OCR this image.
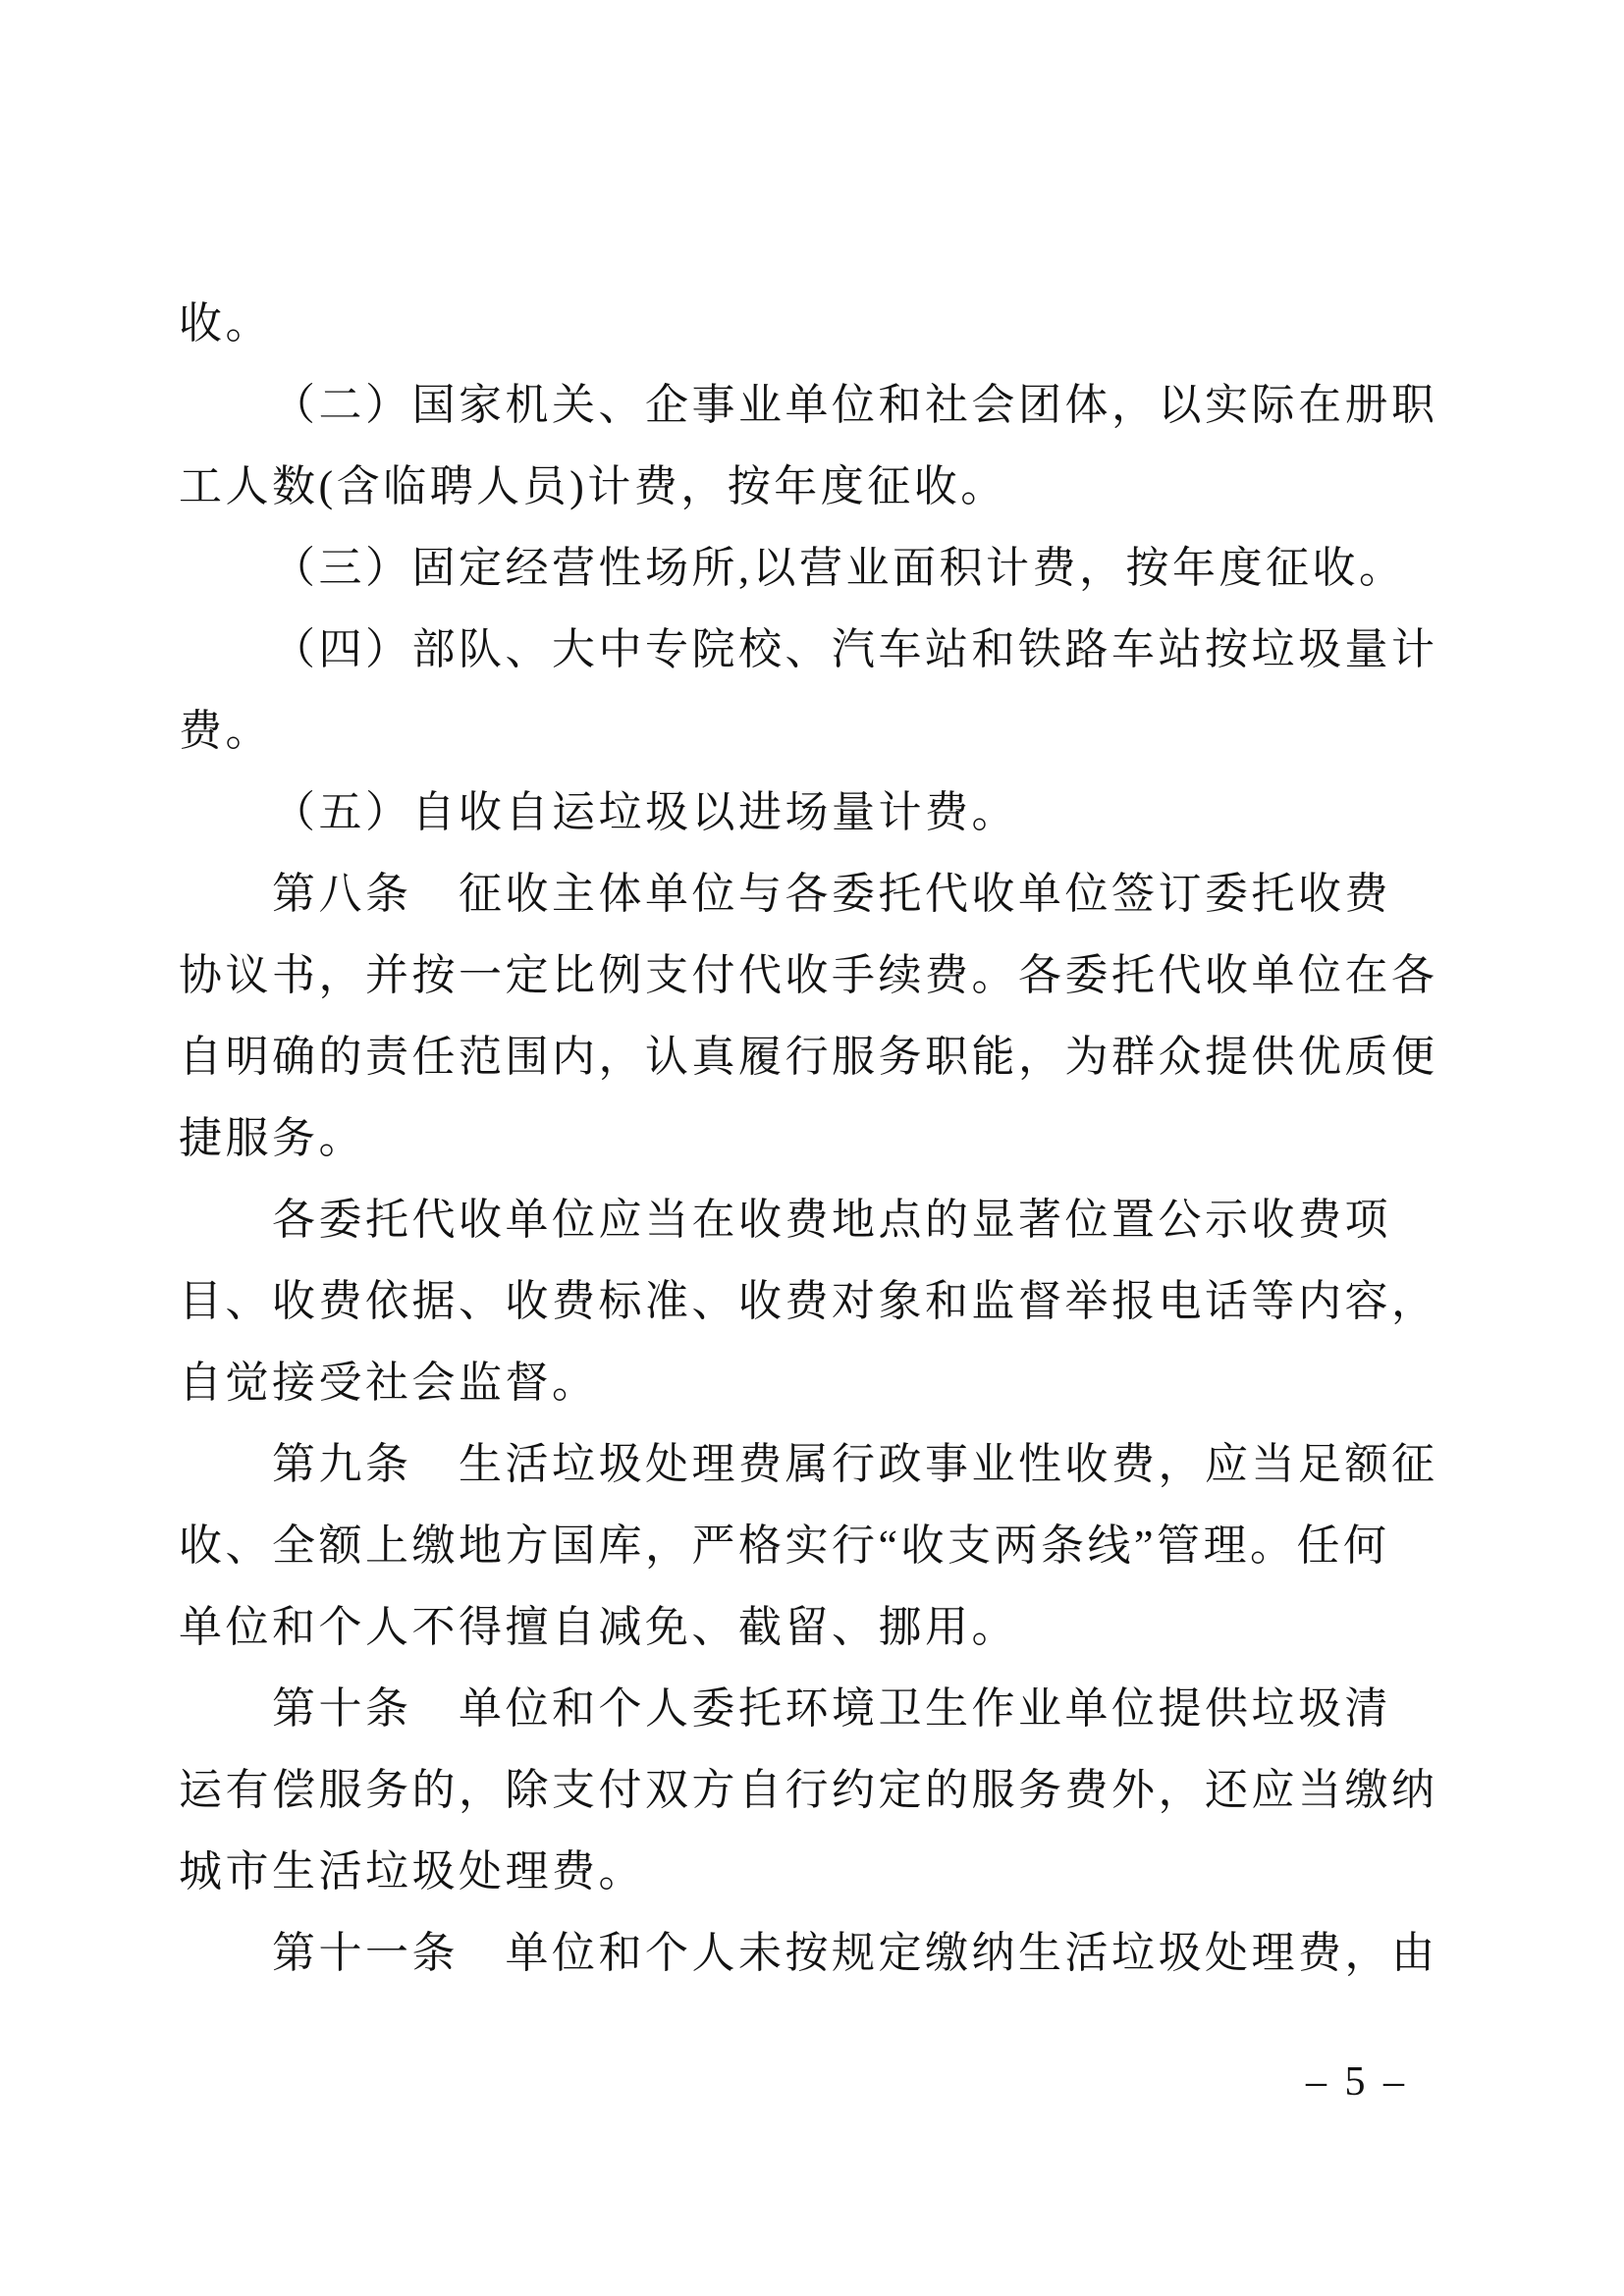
收。
（二）国家机关、企事业单位和社会团体，以实际在册职
工人数(含临聘人员)计费，按年度征收。
（三）固定经营性场所,以营业面积计费，按年度征收。
（四）部队、大中专院校、汽车站和铁路车站按垃圾量计
费。
（五）自收自运垃圾以进场量计费。
第八条　征收主体单位与各委托代收单位签订委托收费
协议书，并按一定比例支付代收手续费。各委托代收单位在各
自明确的责任范围内，认真履行服务职能，为群众提供优质便
捷服务。
各委托代收单位应当在收费地点的显著位置公示收费项
目、收费依据、收费标准、收费对象和监督举报电话等内容，
自觉接受社会监督。
第九条　生活垃圾处理费属行政事业性收费，应当足额征
收、全额上缴地方国库，严格实行“收支两条线”管理。任何
单位和个人不得擅自减免、截留、挪用。
第十条　单位和个人委托环境卫生作业单位提供垃圾清
运有偿服务的，除支付双方自行约定的服务费外，还应当缴纳
城市生活垃圾处理费。
第十一条　单位和个人未按规定缴纳生活垃圾处理费，由
– 5 –
